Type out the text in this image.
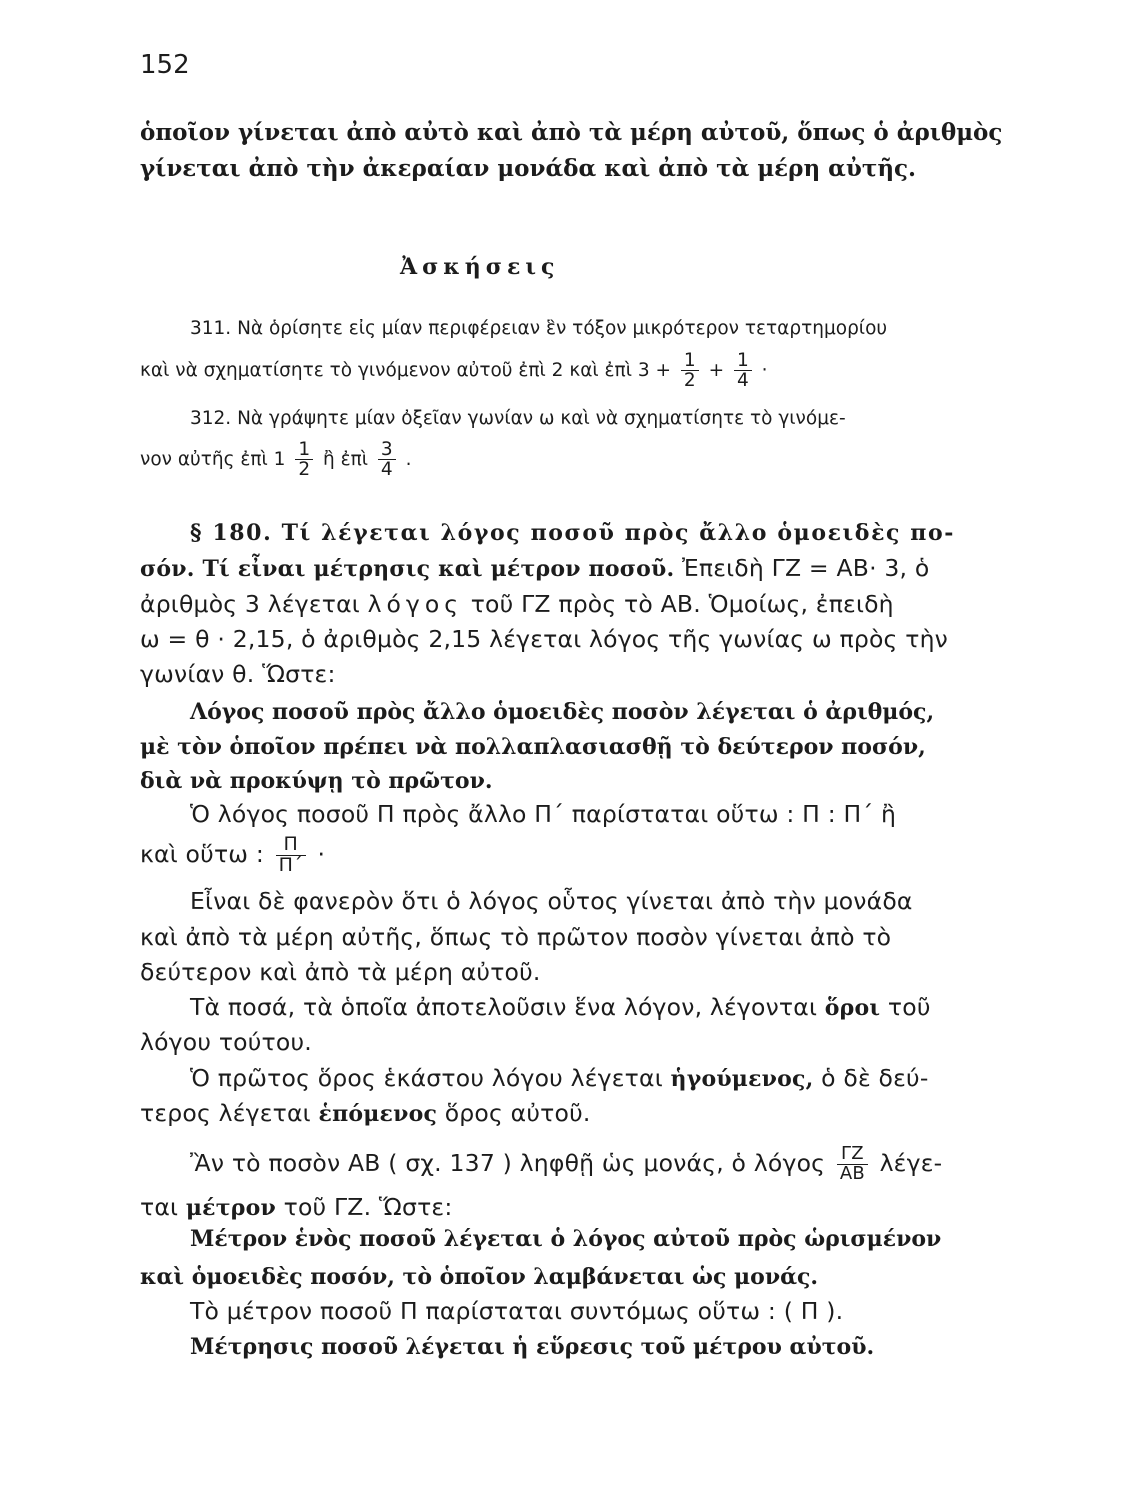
152
ὁποῖον γίνεται ἀπὸ αὐτὸ καὶ ἀπὸ τὰ μέρη αὐτοῦ, ὅπως ὁ ἀριθμὸς
γίνεται ἀπὸ τὴν ἀκεραίαν μονάδα καὶ ἀπὸ τὰ μέρη αὐτῆς.
Ἀσκήσεις
311. Νὰ ὁρίσητε εἰς μίαν περιφέρειαν ἓν τόξον μικρότερον τεταρτημορίου
καὶ νὰ σχηματίσητε τὸ γινόμενον αὐτοῦ ἐπὶ 2 καὶ ἐπὶ $3 + \frac{1}{2} + \frac{1}{4}$ ·
312. Νὰ γράψητε μίαν ὀξεῖαν γωνίαν ω καὶ νὰ σχηματίσητε τὸ γινόμε-
νον αὐτῆς ἐπὶ $1 \frac{1}{2}$ ἢ ἐπὶ $\frac{3}{4}$ .
§ 180. Τί λέγεται λόγος ποσοῦ πρὸς ἄλλο ὁμοειδὲς πο-
σόν. Τί εἶναι μέτρησις καὶ μέτρον ποσοῦ. Ἐπειδὴ ΓΖ = ΑΒ· 3, ὁ
ἀριθμὸς 3 λέγεται λόγος τοῦ ΓΖ πρὸς τὸ ΑΒ. Ὁμοίως, ἐπειδὴ
ω = θ · 2,15, ὁ ἀριθμὸς 2,15 λέγεται λόγος τῆς γωνίας ω πρὸς τὴν
γωνίαν θ. Ὥστε:
Λόγος ποσοῦ πρὸς ἄλλο ὁμοειδὲς ποσὸν λέγεται ὁ ἀριθμός,
μὲ τὸν ὁποῖον πρέπει νὰ πολλαπλασιασθῇ τὸ δεύτερον ποσόν,
διὰ νὰ προκύψῃ τὸ πρῶτον.
Ὁ λόγος ποσοῦ Π πρὸς ἄλλο Π΄ παρίσταται οὕτω : Π : Π΄ ἢ
καὶ οὕτω : $\frac{\Pi}{\Pi΄}$ ·
Εἶναι δὲ φανερὸν ὅτι ὁ λόγος οὗτος γίνεται ἀπὸ τὴν μονάδα
καὶ ἀπὸ τὰ μέρη αὐτῆς, ὅπως τὸ πρῶτον ποσὸν γίνεται ἀπὸ τὸ
δεύτερον καὶ ἀπὸ τὰ μέρη αὐτοῦ.
Τὰ ποσά, τὰ ὁποῖα ἀποτελοῦσιν ἕνα λόγον, λέγονται ὅροι τοῦ
λόγου τούτου.
Ὁ πρῶτος ὅρος ἑκάστου λόγου λέγεται ἡγούμενος, ὁ δὲ δεύ-
τερος λέγεται ἑπόμενος ὅρος αὐτοῦ.
Ἂν τὸ ποσὸν ΑΒ ( σχ. 137 ) ληφθῇ ὡς μονάς, ὁ λόγος $\frac{\Gamma Z}{AB} \lambda έ\gamma\varepsilon-$
ται μέτρον τοῦ ΓΖ. Ὥστε:
Μέτρον ἑνὸς ποσοῦ λέγεται ὁ λόγος αὐτοῦ πρὸς ὡρισμένον
καὶ ὁμοειδὲς ποσόν, τὸ ὁποῖον λαμβάνεται ὡς μονάς.
Τὸ μέτρον ποσοῦ Π παρίσταται συντόμως οὕτω : ( Π ).
Μέτρησις ποσοῦ λέγεται ἡ εὕρεσις τοῦ μέτρου αὐτοῦ.
